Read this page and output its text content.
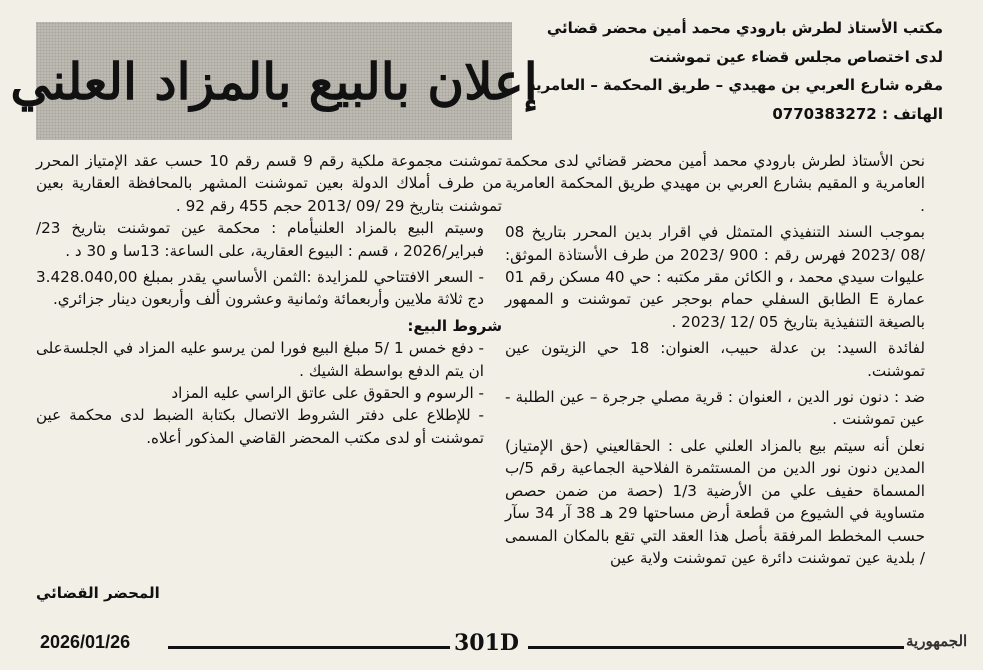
مكتب الأستاذ لطرش بارودي محمد أمين محضر قضائي
لدى اختصاص مجلس قضاء عين تموشنت
مقره شارع العربي بن مهيدي – طريق المحكمة – العامرية
الهاتف : 0770383272
إعلان بالبيع بالمزاد العلني

نحن الأستاذ لطرش بارودي محمد أمين محضر قضائي لدى محكمة العامرية و المقيم بشارع العربي بن مهيدي طريق المحكمة العامرية .

بموجب السند التنفيذي المتمثل في اقرار بدين المحرر بتاريخ 08 /08 /2023 فهرس رقم : 900 /2023 من طرف الأستاذة الموثق: عليوات سيدي محمد ، و الكائن مقر مكتبه : حي 40 مسكن رقم 01 عمارة E الطابق السفلي حمام بوحجر عين تموشنت و الممهور بالصيغة التنفيذية بتاريخ 05 /12 /2023 .

لفائدة السيد: بن عدلة حبيب، العنوان: 18 حي الزيتون عين تموشنت.

ضد : دنون نور الدين ، العنوان : قرية مصلي جرجرة – عين الطلبة - عين تموشنت .

نعلن أنه سيتم بيع بالمزاد العلني على : الحقالعيني (حق الإمتياز) المدين دنون نور الدين من المستثمرة الفلاحية الجماعية رقم 5/ب المسماة حفيف علي من الأرضية 1/3 (حصة من ضمن حصص متساوية في الشيوع من قطعة أرض مساحتها 29 هـ 38 آر 34 سآر حسب المخطط المرفقة بأصل هذا العقد التي تقع بالمكان المسمى / بلدية عين تموشنت دائرة عين تموشنت ولاية عين

تموشنت مجموعة ملكية رقم 9 قسم رقم 10 حسب عقد الإمتياز المحرر من طرف أملاك الدولة بعين تموشنت المشهر بالمحافظة العقارية بعين تموشنت بتاريخ 29 /09 /2013 حجم 455 رقم 92 .

وسيتم البيع بالمزاد العلنيأمام : محكمة عين تموشنت بتاريخ 23/فبراير/2026 ، قسم : البيوع العقارية، على الساعة: 13سا و 30 د .

- السعر الافتتاحي للمزايدة :الثمن الأساسي يقدر بمبلغ 3.428.040,00 دج ثلاثة ملايين وأربعمائة وثمانية وعشرون ألف وأربعون دينار جزائري.

شروط البيع:

- دفع خمس 1 /5 مبلغ البيع فورا لمن يرسو عليه المزاد في الجلسةعلى ان يتم الدفع بواسطة الشيك .

- الرسوم و الحقوق على عاتق الراسي عليه المزاد

- للإطلاع على دفتر الشروط الاتصال بكتابة الضبط لدى محكمة عين تموشنت أو لدى مكتب المحضر القاضي المذكور أعلاه.

المحضر القضائي
2026/01/26	301D	الجمهورية
